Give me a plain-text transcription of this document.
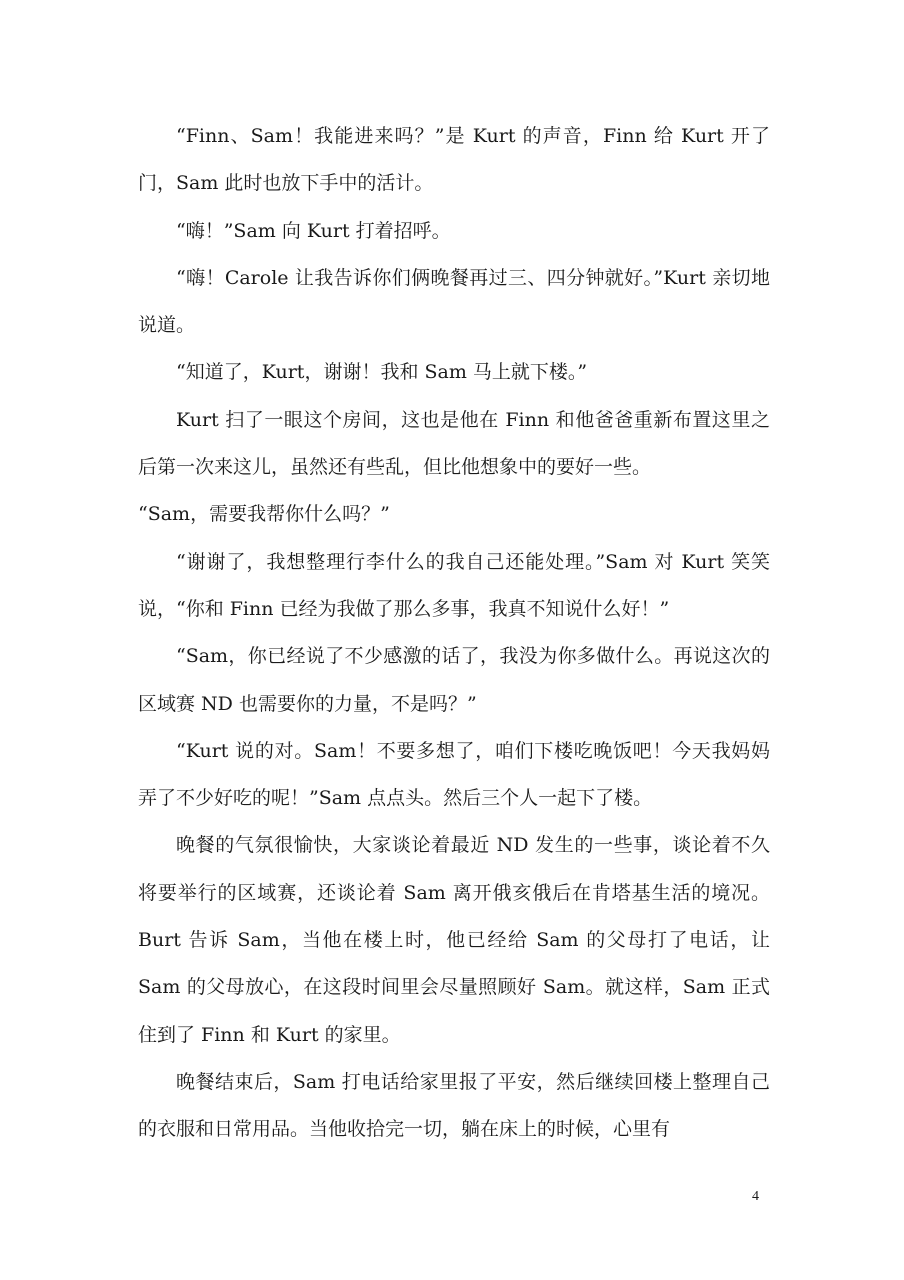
“Finn、Sam！我能进来吗？”是 Kurt 的声音，Finn 给 Kurt 开了门，Sam 此时也放下手中的活计。

“嗨！”Sam 向 Kurt 打着招呼。

“嗨！Carole 让我告诉你们俩晚餐再过三、四分钟就好。”Kurt 亲切地说道。

“知道了，Kurt，谢谢！我和 Sam 马上就下楼。”

Kurt 扫了一眼这个房间，这也是他在 Finn 和他爸爸重新布置这里之后第一次来这儿，虽然还有些乱，但比他想象中的要好一些。

“Sam，需要我帮你什么吗？”

“谢谢了，我想整理行李什么的我自己还能处理。”Sam 对 Kurt 笑笑说，“你和 Finn 已经为我做了那么多事，我真不知说什么好！”

“Sam，你已经说了不少感激的话了，我没为你多做什么。再说这次的区域赛 ND 也需要你的力量，不是吗？”

“Kurt 说的对。Sam！不要多想了，咱们下楼吃晚饭吧！今天我妈妈弄了不少好吃的呢！”Sam 点点头。然后三个人一起下了楼。

晚餐的气氛很愉快，大家谈论着最近 ND 发生的一些事，谈论着不久将要举行的区域赛，还谈论着 Sam 离开俄亥俄后在肯塔基生活的境况。Burt 告诉 Sam，当他在楼上时，他已经给 Sam 的父母打了电话，让 Sam 的父母放心，在这段时间里会尽量照顾好 Sam。就这样，Sam 正式住到了 Finn 和 Kurt 的家里。

晚餐结束后，Sam 打电话给家里报了平安，然后继续回楼上整理自己的衣服和日常用品。当他收拾完一切，躺在床上的时候，心里有

4
